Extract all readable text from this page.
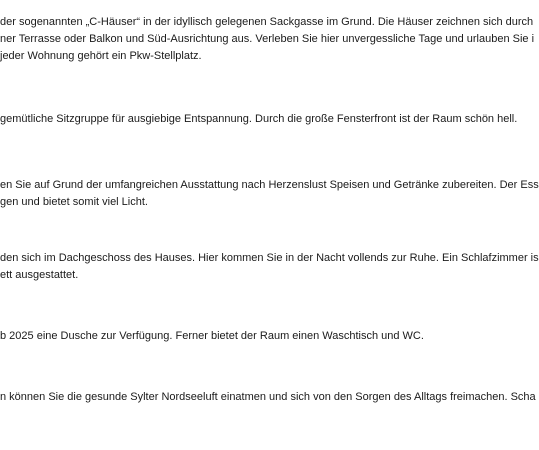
der sogenannten „C-Häuser“ in der idyllisch gelegenen Sackgasse im Grund. Die Häuser zeichnen sich durch
ner Terrasse oder Balkon und Süd-Ausrichtung aus. Verleben Sie hier unvergessliche Tage und urlauben Sie i
jeder Wohnung gehört ein Pkw-Stellplatz.

gemütliche Sitzgruppe für ausgiebige Entspannung. Durch die große Fensterfront ist der Raum schön hell.

en Sie auf Grund der umfangreichen Ausstattung nach Herzenslust Speisen und Getränke zubereiten. Der Ess
gen und bietet somit viel Licht.

den sich im Dachgeschoss des Hauses. Hier kommen Sie in der Nacht vollends zur Ruhe. Ein Schlafzimmer is
ett ausgestattet.

b 2025 eine Dusche zur Verfügung. Ferner bietet der Raum einen Waschtisch und WC.

n können Sie die gesunde Sylter Nordseeluft einatmen und sich von den Sorgen des Alltags freimachen. Scha
